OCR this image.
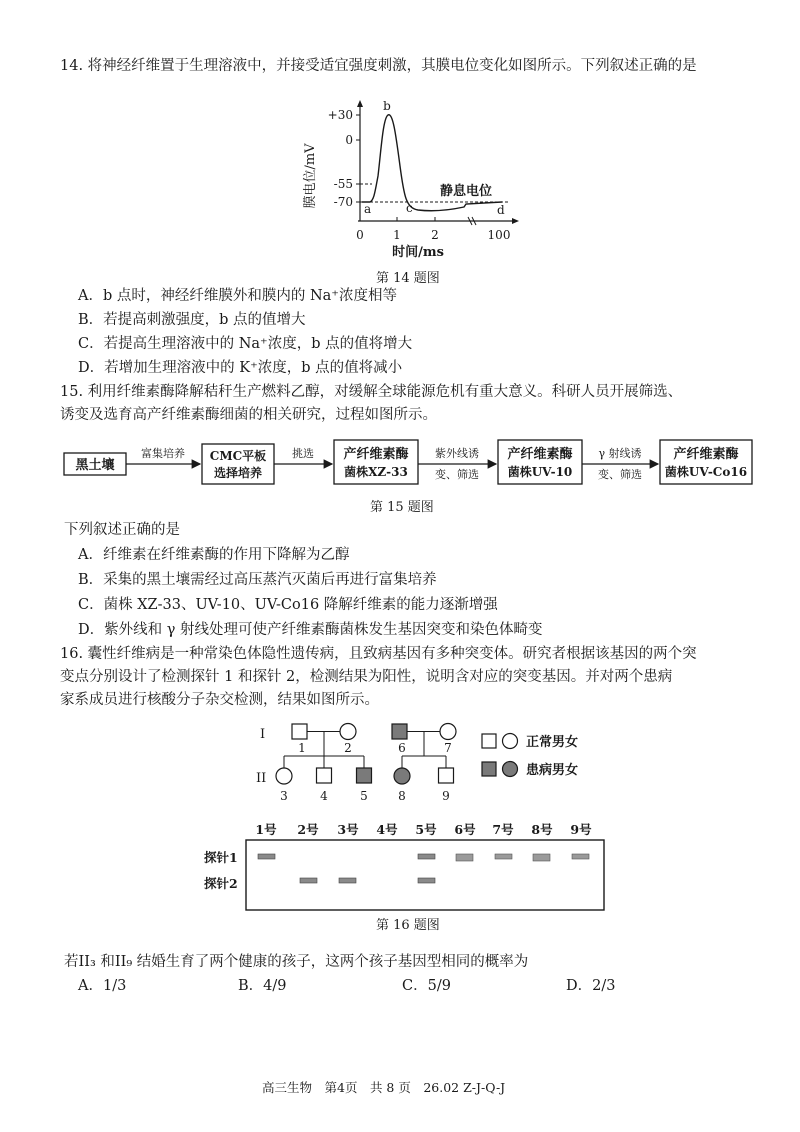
14. 将神经纤维置于生理溶液中，并接受适宜强度刺激，其膜电位变化如图所示。下列叙述正确的是
膜电位/mV
+30
0
-55
-70
0 1	2	100
时间/ms
b
a	c	d
静息电位
第 14 题图
A．b 点时，神经纤维膜外和膜内的 Na⁺浓度相等
B．若提高刺激强度，b 点的值增大
C．若提高生理溶液中的 Na⁺浓度，b 点的值将增大
D．若增加生理溶液中的 K⁺浓度，b 点的值将减小
15. 利用纤维素酶降解秸秆生产燃料乙醇，对缓解全球能源危机有重大意义。科研人员开展筛选、
诱变及选育高产纤维素酶细菌的相关研究，过程如图所示。
黑土壤
富集培养 CMC平板
选择培养
挑选 产纤维素酶
菌株XZ-33
紫外线诱
变、筛选
产纤维素酶
菌株UV-10
γ 射线诱
变、筛选
产纤维素酶
菌株UV-Co16
第 15 题图
下列叙述正确的是
A．纤维素在纤维素酶的作用下降解为乙醇
B．采集的黑土壤需经过高压蒸汽灭菌后再进行富集培养
C．菌株 XZ-33、UV-10、UV-Co16 降解纤维素的能力逐渐增强
D．紫外线和 γ 射线处理可使产纤维素酶菌株发生基因突变和染色体畸变
16. 囊性纤维病是一种常染色体隐性遗传病，且致病基因有多种突变体。研究者根据该基因的两个突
变点分别设计了检测探针 1 和探针 2，检测结果为阳性，说明含对应的突变基因。并对两个患病
家系成员进行核酸分子杂交检测，结果如图所示。
I
II
1	2
3	4	5
6	7
8	9
正常男女
患病男女
1号 2号 3号 4号 5号 6号 7号 8号 9号
探针1
探针2
第 16 题图
若II₃ 和II₉ 结婚生育了两个健康的孩子，这两个孩子基因型相同的概率为
A．1/3	B．4/9	C．5/9	D．2/3
高三生物　第4页　共 8 页　26.02 Z-J-Q-J
